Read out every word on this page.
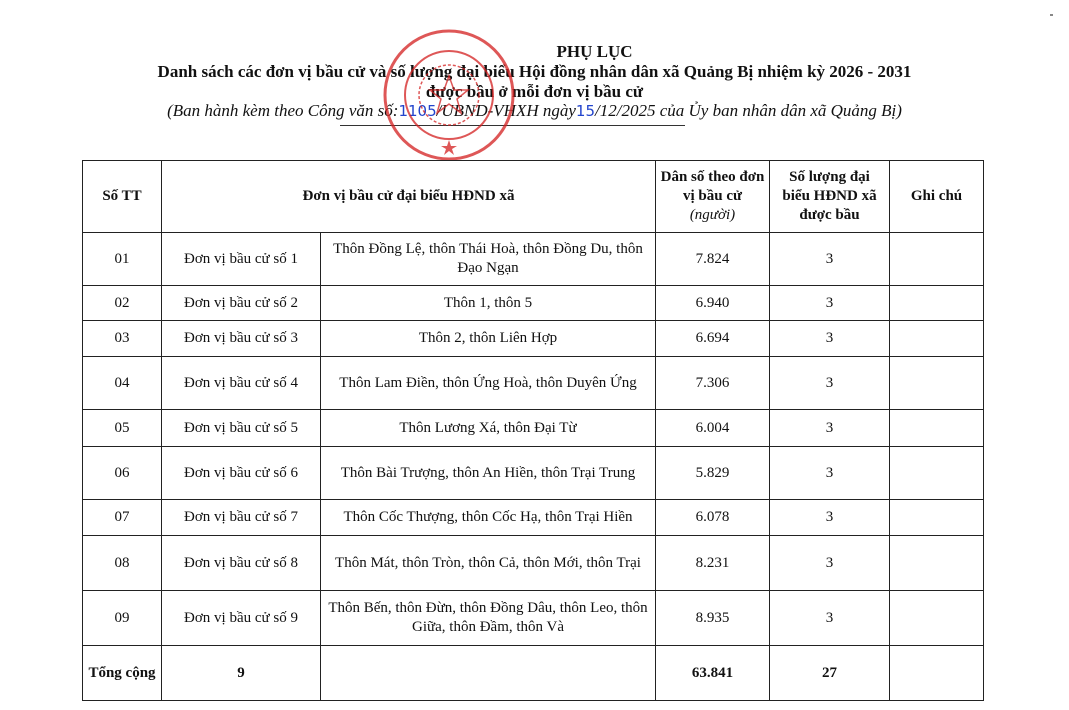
PHỤ LỤC
Danh sách các đơn vị bầu cử và số lượng đại biểu Hội đồng nhân dân xã Quảng Bị nhiệm kỳ 2026 - 2031
được bầu ở mỗi đơn vị bầu cử
(Ban hành kèm theo Công văn số:1105/UBND-VHXH ngày15/12/2025 của Ủy ban nhân dân xã Quảng Bị)
Số TT	Đơn vị bầu cử đại biểu HĐND xã		Dân số theo đơn vị bầu cử
(người)	Số lượng đại biểu HĐND xã được bầu	Ghi chú
01	Đơn vị bầu cử số 1	Thôn Đồng Lệ, thôn Thái Hoà, thôn Đồng Du, thôn Đạo Ngạn	7.824	3	
02	Đơn vị bầu cử số 2	Thôn 1, thôn 5	6.940	3	
03	Đơn vị bầu cử số 3	Thôn 2, thôn Liên Hợp	6.694	3	
04	Đơn vị bầu cử số 4	Thôn Lam Điền, thôn Ứng Hoà, thôn Duyên Ứng	7.306	3	
05	Đơn vị bầu cử số 5	Thôn Lương Xá, thôn Đại Từ	6.004	3	
06	Đơn vị bầu cử số 6	Thôn Bài Trượng, thôn An Hiền, thôn Trại Trung	5.829	3	
07	Đơn vị bầu cử số 7	Thôn Cốc Thượng, thôn Cốc Hạ, thôn Trại Hiền	6.078	3	
08	Đơn vị bầu cử số 8	Thôn Mát, thôn Tròn, thôn Cả, thôn Mới, thôn Trại	8.231	3	
09	Đơn vị bầu cử số 9	Thôn Bến, thôn Đừn, thôn Đồng Dâu, thôn Leo, thôn Giữa, thôn Đầm, thôn Và	8.935	3	
Tổng cộng	9		63.841	27	
